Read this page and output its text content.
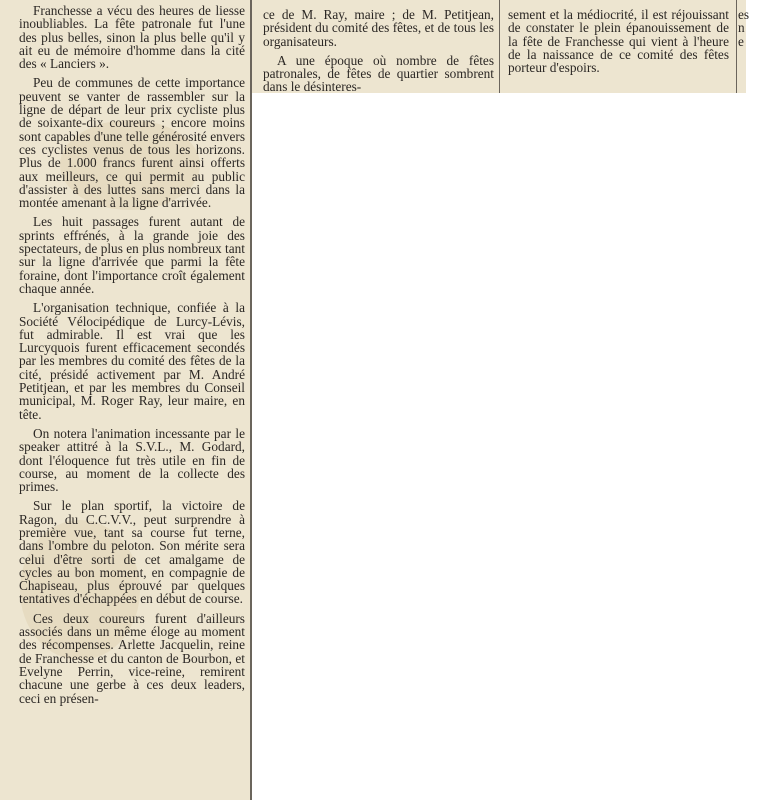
Franchesse a vécu des heures de liesse inoubliables. La fête patronale fut l'une des plus belles, sinon la plus belle qu'il y ait eu de mémoire d'homme dans la cité des « Lanciers ».

Peu de communes de cette importance peuvent se vanter de rassembler sur la ligne de départ de leur prix cycliste plus de soixante-dix coureurs ; encore moins sont capables d'une telle générosité envers ces cyclistes venus de tous les horizons. Plus de 1.000 francs furent ainsi offerts aux meilleurs, ce qui permit au public d'assister à des luttes sans merci dans la montée amenant à la ligne d'arrivée.

Les huit passages furent autant de sprints effrénés, à la grande joie des spectateurs, de plus en plus nombreux tant sur la ligne d'arrivée que parmi la fête foraine, dont l'importance croît également chaque année.

L'organisation technique, confiée à la Société Vélocipédique de Lurcy-Lévis, fut admirable. Il est vrai que les Lurcyquois furent efficacement secondés par les membres du comité des fêtes de la cité, présidé activement par M. André Petitjean, et par les membres du Conseil municipal, M. Roger Ray, leur maire, en tête.

On notera l'animation incessante par le speaker attitré à la S.V.L., M. Godard, dont l'éloquence fut très utile en fin de course, au moment de la collecte des primes.

Sur le plan sportif, la victoire de Ragon, du C.C.V.V., peut surprendre à première vue, tant sa course fut terne, dans l'ombre du peloton. Son mérite sera celui d'être sorti de cet amalgame de cycles au bon moment, en compagnie de Chapiseau, plus éprouvé par quelques tentatives d'échappées en début de course.

Ces deux coureurs furent d'ailleurs associés dans un même éloge au moment des récompenses. Arlette Jacquelin, reine de Franchesse et du canton de Bourbon, et Evelyne Perrin, vice-reine, remirent chacune une gerbe à ces deux leaders, ceci en présen-

ce de M. Ray, maire ; de M. Petitjean, président du comité des fêtes, et de tous les organisateurs.

A une époque où nombre de fêtes patronales, de fêtes de quartier sombrent dans le désinteres-

sement et la médiocrité, il est réjouissant de constater le plein épanouissement de la fête de Franchesse qui vient à l'heure de la naissance de ce comité des fêtes porteur d'espoirs.

es
n
e
